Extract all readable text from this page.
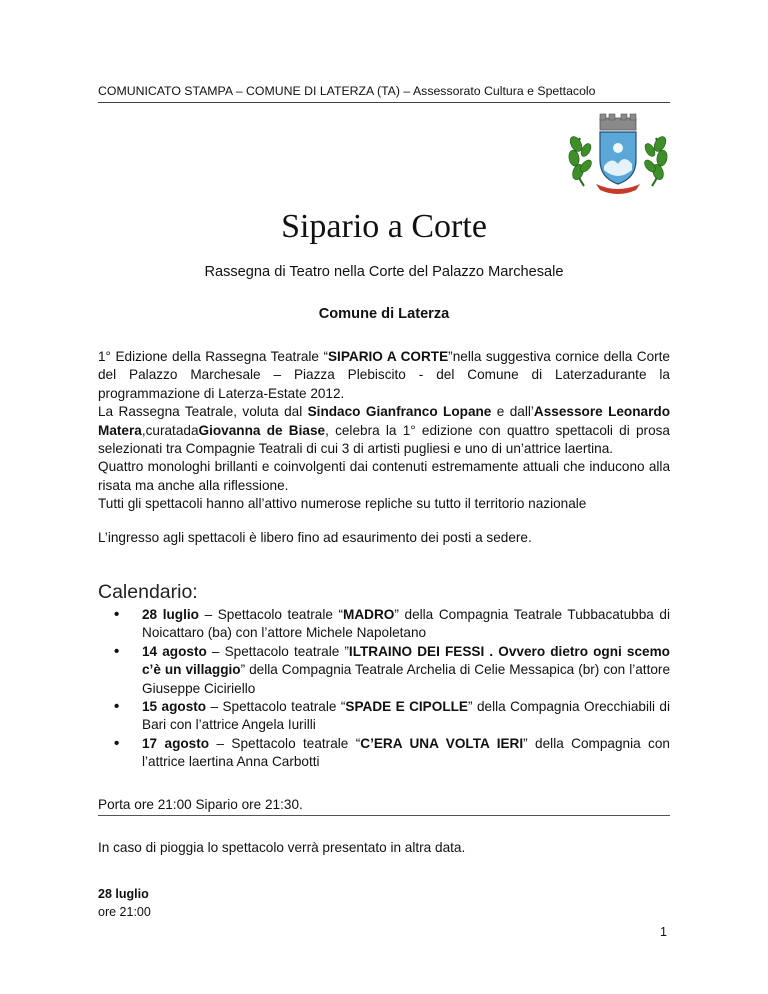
COMUNICATO STAMPA – COMUNE DI LATERZA (TA) – Assessorato Cultura e Spettacolo
Sipario a Corte
Rassegna di Teatro nella Corte del Palazzo Marchesale
Comune di Laterza

1° Edizione della Rassegna Teatrale “SIPARIO A CORTE”nella suggestiva cornice della Corte del Palazzo Marchesale – Piazza Plebiscito - del Comune di Laterzadurante la programmazione di Laterza-Estate 2012.

La Rassegna Teatrale, voluta dal Sindaco Gianfranco Lopane e dall’Assessore Leonardo Matera,curatadaGiovanna de Biase, celebra la 1° edizione con quattro spettacoli di prosa selezionati tra Compagnie Teatrali di cui 3 di artisti pugliesi e uno di un’attrice laertina.

Quattro monologhi brillanti e coinvolgenti dai contenuti estremamente attuali che inducono alla risata ma anche alla riflessione.

Tutti gli spettacoli hanno all’attivo numerose repliche su tutto il territorio nazionale

L’ingresso agli spettacoli è libero fino ad esaurimento dei posti a sedere.
Calendario:
• 28 luglio – Spettacolo teatrale “MADRO” della Compagnia Teatrale Tubbacatubba di Noicattaro (ba) con l’attore Michele Napoletano
• 14 agosto – Spettacolo teatrale ”ILTRAINO DEI FESSI . Ovvero dietro ogni scemo c’è un villaggio” della Compagnia Teatrale Archelia di Celie Messapica (br) con l’attore Giuseppe Ciciriello
• 15 agosto – Spettacolo teatrale “SPADE E CIPOLLE” della Compagnia Orecchiabili di Bari con l’attrice Angela Iurilli
• 17 agosto – Spettacolo teatrale “C’ERA UNA VOLTA IERI” della Compagnia con l’attrice laertina Anna Carbotti
Porta ore 21:00 Sipario ore 21:30.
In caso di pioggia lo spettacolo verrà presentato in altra data.
28 luglio
ore 21:00
1
